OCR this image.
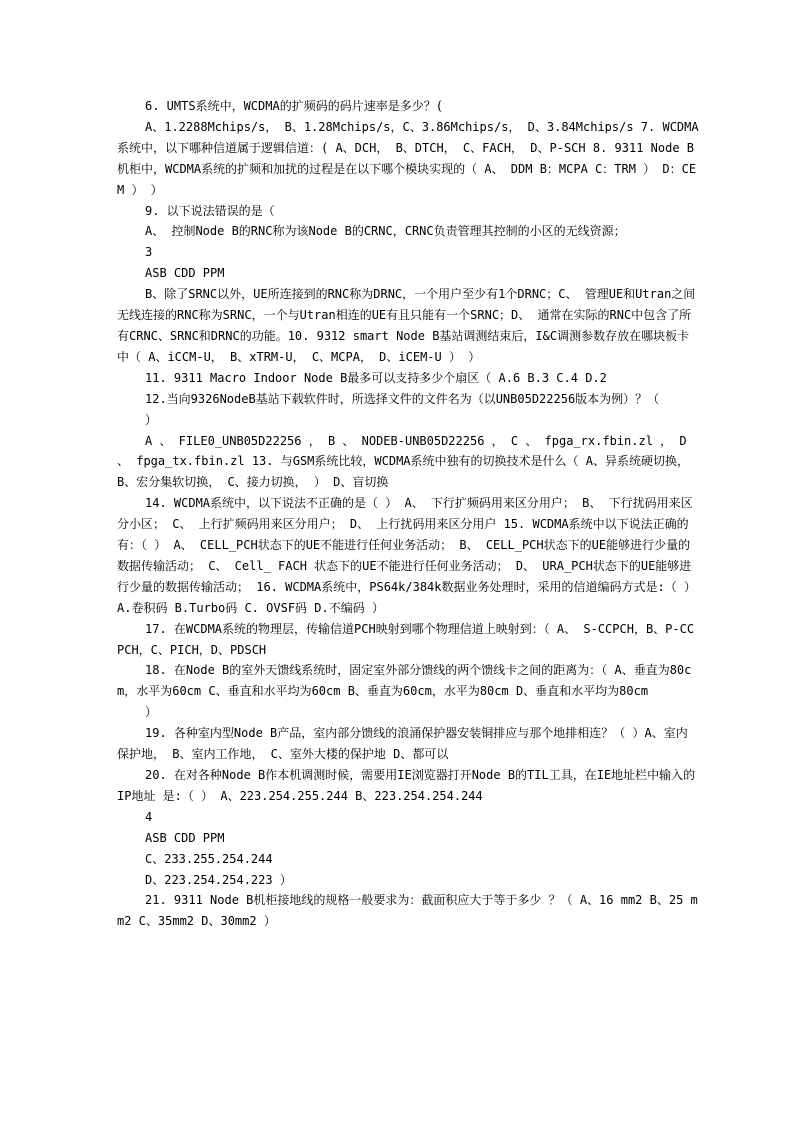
6. UMTS系统中，WCDMA的扩频码的码片速率是多少？(

A、1.2288Mchips/s， B、1.28Mchips/s，C、3.86Mchips/s， D、3.84Mchips/s 7. WCDMA系统中，以下哪种信道属于逻辑信道：( A、DCH， B、DTCH， C、FACH， D、P-SCH 8. 9311 Node B机柜中，WCDMA系统的扩频和加扰的过程是在以下哪个模块实现的（ A、 DDM B：MCPA C：TRM ） D：CEM ） ）

9. 以下说法错误的是（

A、 控制Node B的RNC称为该Node B的CRNC，CRNC负责管理其控制的小区的无线资源；

3

ASB CDD PPM

B、除了SRNC以外，UE所连接到的RNC称为DRNC，一个用户至少有1个DRNC；C、 管理UE和Utran之间无线连接的RNC称为SRNC，一个与Utran相连的UE有且只能有一个SRNC；D、 通常在实际的RNC中包含了所有CRNC、SRNC和DRNC的功能。10. 9312 smart Node B基站调测结束后，I&C调测参数存放在哪块板卡中（ A、iCCM-U， B、xTRM-U， C、MCPA， D、iCEM-U ） ）

11. 9311 Macro Indoor Node B最多可以支持多少个扇区（ A.6 B.3 C.4 D.2

12.当向9326NodeB基站下载软件时，所选择文件的文件名为（以UNB05D22256版本为例）？（

）

A 、 FILE0_UNB05D22256 ， B 、 NODEB-UNB05D22256 ， C 、 fpga_rx.fbin.zl ， D 、 fpga_tx.fbin.zl 13. 与GSM系统比较，WCDMA系统中独有的切换技术是什么（ A、异系统硬切换， B、宏分集软切换， C、接力切换， ） D、盲切换

14. WCDMA系统中，以下说法不正确的是（ ） A、 下行扩频码用来区分用户； B、 下行扰码用来区分小区； C、 上行扩频码用来区分用户； D、 上行扰码用来区分用户 15. WCDMA系统中以下说法正确的有：（ ） A、 CELL_PCH状态下的UE不能进行任何业务活动； B、 CELL_PCH状态下的UE能够进行少量的数据传输活动； C、 Cell_ FACH 状态下的UE不能进行任何业务活动； D、 URA_PCH状态下的UE能够进行少量的数据传输活动； 16. WCDMA系统中，PS64k/384k数据业务处理时，采用的信道编码方式是:（ ） A.卷积码 B.Turbo码 C. OVSF码 D.不编码 ）

17. 在WCDMA系统的物理层，传输信道PCH映射到哪个物理信道上映射到：（ A、 S-CCPCH，B、P-CCPCH，C、PICH，D、PDSCH

18. 在Node B的室外天馈线系统时，固定室外部分馈线的两个馈线卡之间的距离为：（ A、垂直为80cm，水平为60cm C、垂直和水平均为60cm B、垂直为60cm，水平为80cm D、垂直和水平均为80cm

）

19. 各种室内型Node B产品，室内部分馈线的浪涌保护器安装铜排应与那个地排相连？（ ）A、室内保护地， B、室内工作地， C、室外大楼的保护地 D、都可以

20. 在对各种Node B作本机调测时候，需要用IE浏览器打开Node B的TIL工具，在IE地址栏中输入的IP地址 是:（ ） A、223.254.255.244 B、223.254.254.244

4

ASB CDD PPM

C、233.255.254.244

D、223.254.254.223 ）

21. 9311 Node B机柜接地线的规格一般要求为：截面积应大于等于多少 ？（ A、16 mm2 B、25 mm2 C、35mm2 D、30mm2 ）
